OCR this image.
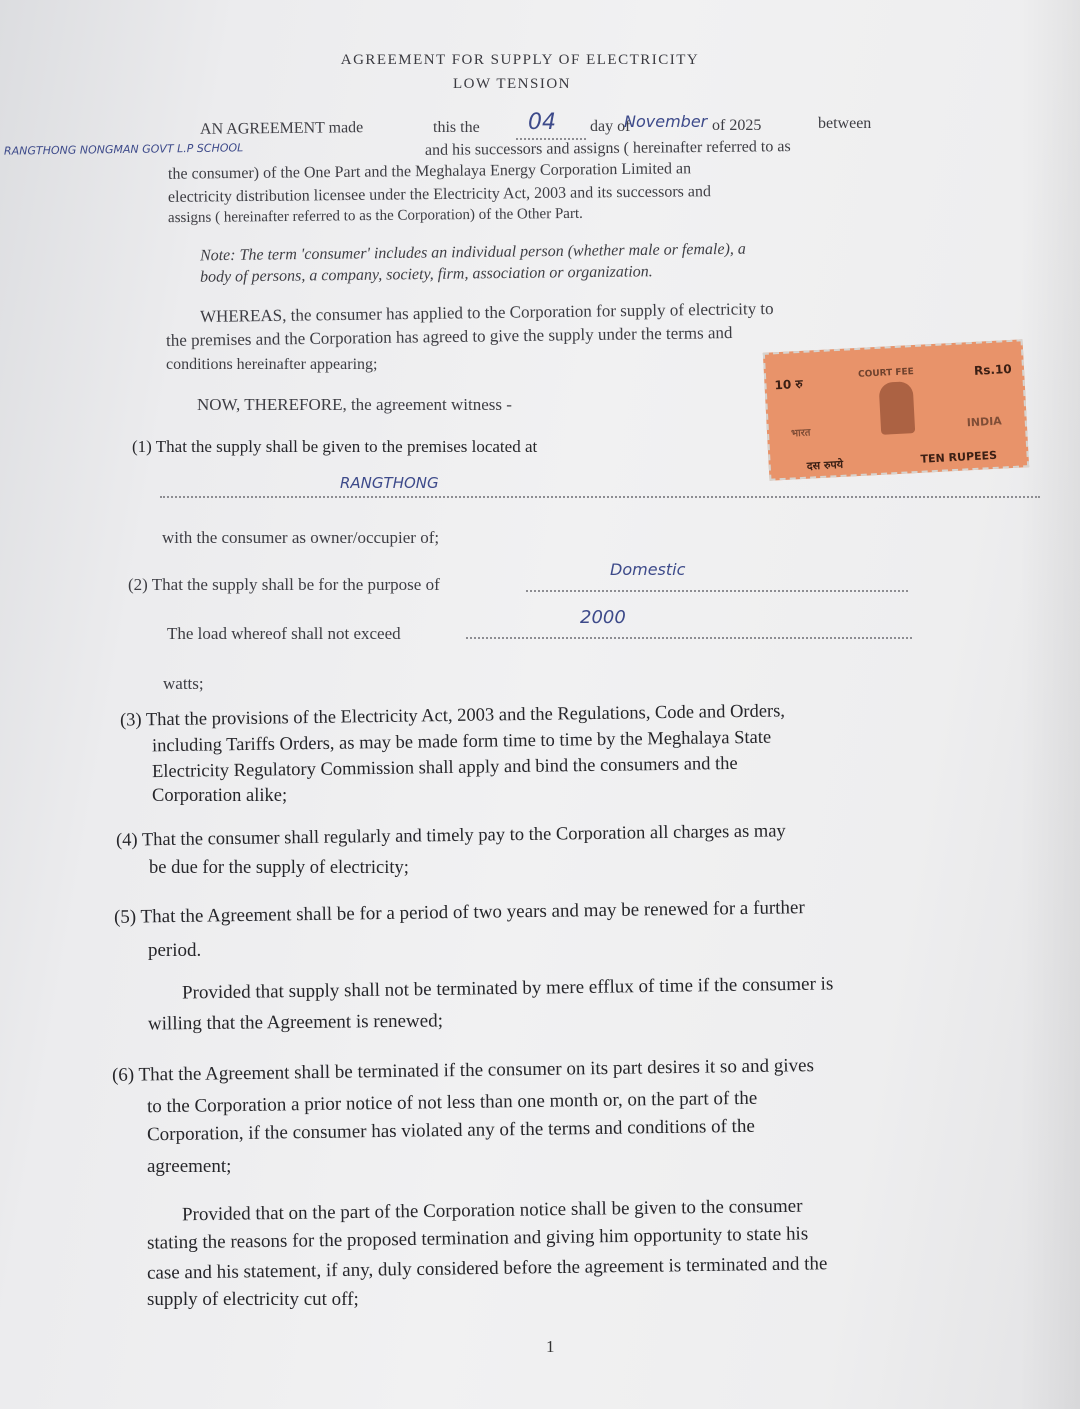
AGREEMENT FOR SUPPLY OF ELECTRICITY
LOW TENSION
AN AGREEMENT made	this the 04 day of
November of 2025	between
RANGTHONG NONGMAN GOVT L.P SCHOOL	and his successors and assigns ( hereinafter referred to as
the consumer) of the One Part and the Meghalaya Energy Corporation Limited an
electricity distribution licensee under the Electricity Act, 2003 and its successors and
assigns ( hereinafter referred to as the Corporation) of the Other Part.
Note: The term 'consumer' includes an individual person (whether male or female), a
body of persons, a company, society, firm, association or organization.
WHEREAS, the consumer has applied to the Corporation for supply of electricity to
the premises and the Corporation has agreed to give the supply under the terms and
conditions hereinafter appearing;
NOW, THEREFORE, the agreement witness -
10 रु
Rs.10
COURT FEE
भारत
INDIA
दस रुपये	TEN RUPEES
(1) That the supply shall be given to the premises located at
RANGTHONG
with the consumer as owner/occupier of;
(2) That the supply shall be for the purpose of
Domestic
The load whereof shall not exceed
2000
watts;
(3) That the provisions of the Electricity Act, 2003 and the Regulations, Code and Orders,
including Tariffs Orders, as may be made form time to time by the Meghalaya State
Electricity Regulatory Commission shall apply and bind the consumers and the
Corporation alike;
(4) That the consumer shall regularly and timely pay to the Corporation all charges as may
be due for the supply of electricity;
(5) That the Agreement shall be for a period of two years and may be renewed for a further
period.
Provided that supply shall not be terminated by mere efflux of time if the consumer is
willing that the Agreement is renewed;
(6) That the Agreement shall be terminated if the consumer on its part desires it so and gives
to the Corporation a prior notice of not less than one month or, on the part of the
Corporation, if the consumer has violated any of the terms and conditions of the
agreement;
Provided that on the part of the Corporation notice shall be given to the consumer
stating the reasons for the proposed termination and giving him opportunity to state his
case and his statement, if any, duly considered before the agreement is terminated and the
supply of electricity cut off;
1
